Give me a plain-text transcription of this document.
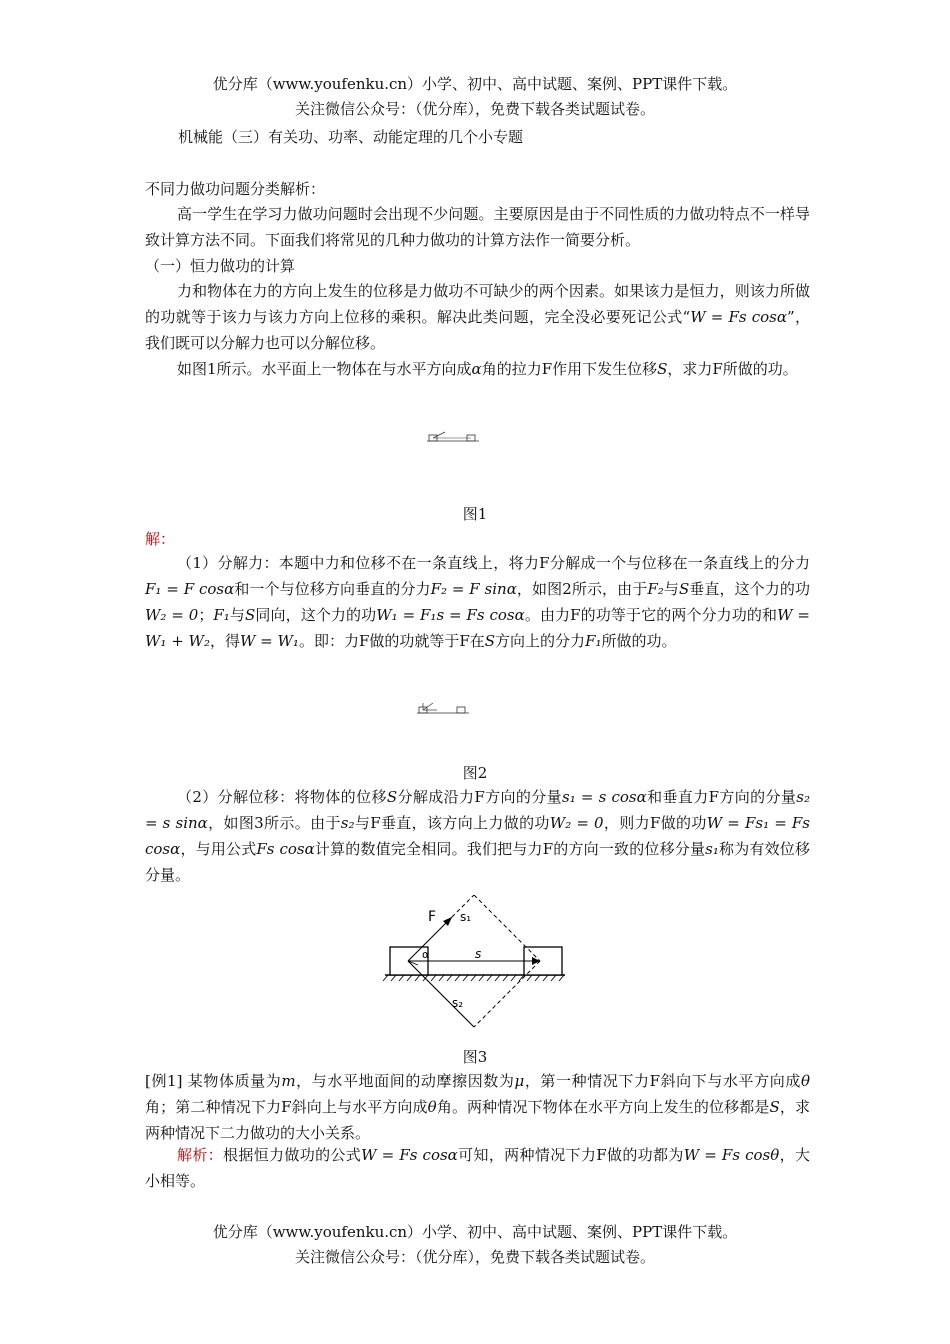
优分库（www.youfenku.cn）小学、初中、高中试题、案例、PPT课件下载。
关注微信公众号：（优分库），免费下载各类试题试卷。
机械能（三）有关功、功率、动能定理的几个小专题
不同力做功问题分类解析：
高一学生在学习力做功问题时会出现不少问题。主要原因是由于不同性质的力做功特点不一样导致计算方法不同。下面我们将常见的几种力做功的计算方法作一简要分析。
（一）恒力做功的计算
力和物体在力的方向上发生的位移是力做功不可缺少的两个因素。如果该力是恒力，则该力所做的功就等于该力与该力方向上位移的乘积。解决此类问题，完全没必要死记公式“W = Fs cosα”，我们既可以分解力也可以分解位移。
如图1所示。水平面上一物体在与水平方向成α角的拉力F作用下发生位移S，求力F所做的功。
图1
解：
（1）分解力：本题中力和位移不在一条直线上，将力F分解成一个与位移在一条直线上的分力F₁ = F cosα和一个与位移方向垂直的分力F₂ = F sinα，如图2所示，由于F₂与S垂直，这个力的功W₂ = 0；F₁与S同向，这个力的功W₁ = F₁s = Fs cosα。由力F的功等于它的两个分力功的和W = W₁ + W₂，得W = W₁。即：力F做的功就等于F在S方向上的分力F₁所做的功。
图2
（2）分解位移：将物体的位移S分解成沿力F方向的分量s₁ = s cosα和垂直力F方向的分量s₂ = s sinα，如图3所示。由于s₂与F垂直，该方向上力做的功W₂ = 0，则力F做的功W = Fs₁ = Fs cosα，与用公式Fs cosα计算的数值完全相同。我们把与力F的方向一致的位移分量s₁称为有效位移分量。
F s₁
α	s
s₂
图3
[例1] 某物体质量为m，与水平地面间的动摩擦因数为μ，第一种情况下力F斜向下与水平方向成θ角；第二种情况下力F斜向上与水平方向成θ角。两种情况下物体在水平方向上发生的位移都是S，求两种情况下二力做功的大小关系。
解析：根据恒力做功的公式W = Fs cosα可知，两种情况下力F做的功都为W = Fs cosθ，大小相等。
优分库（www.youfenku.cn）小学、初中、高中试题、案例、PPT课件下载。
关注微信公众号：（优分库），免费下载各类试题试卷。
